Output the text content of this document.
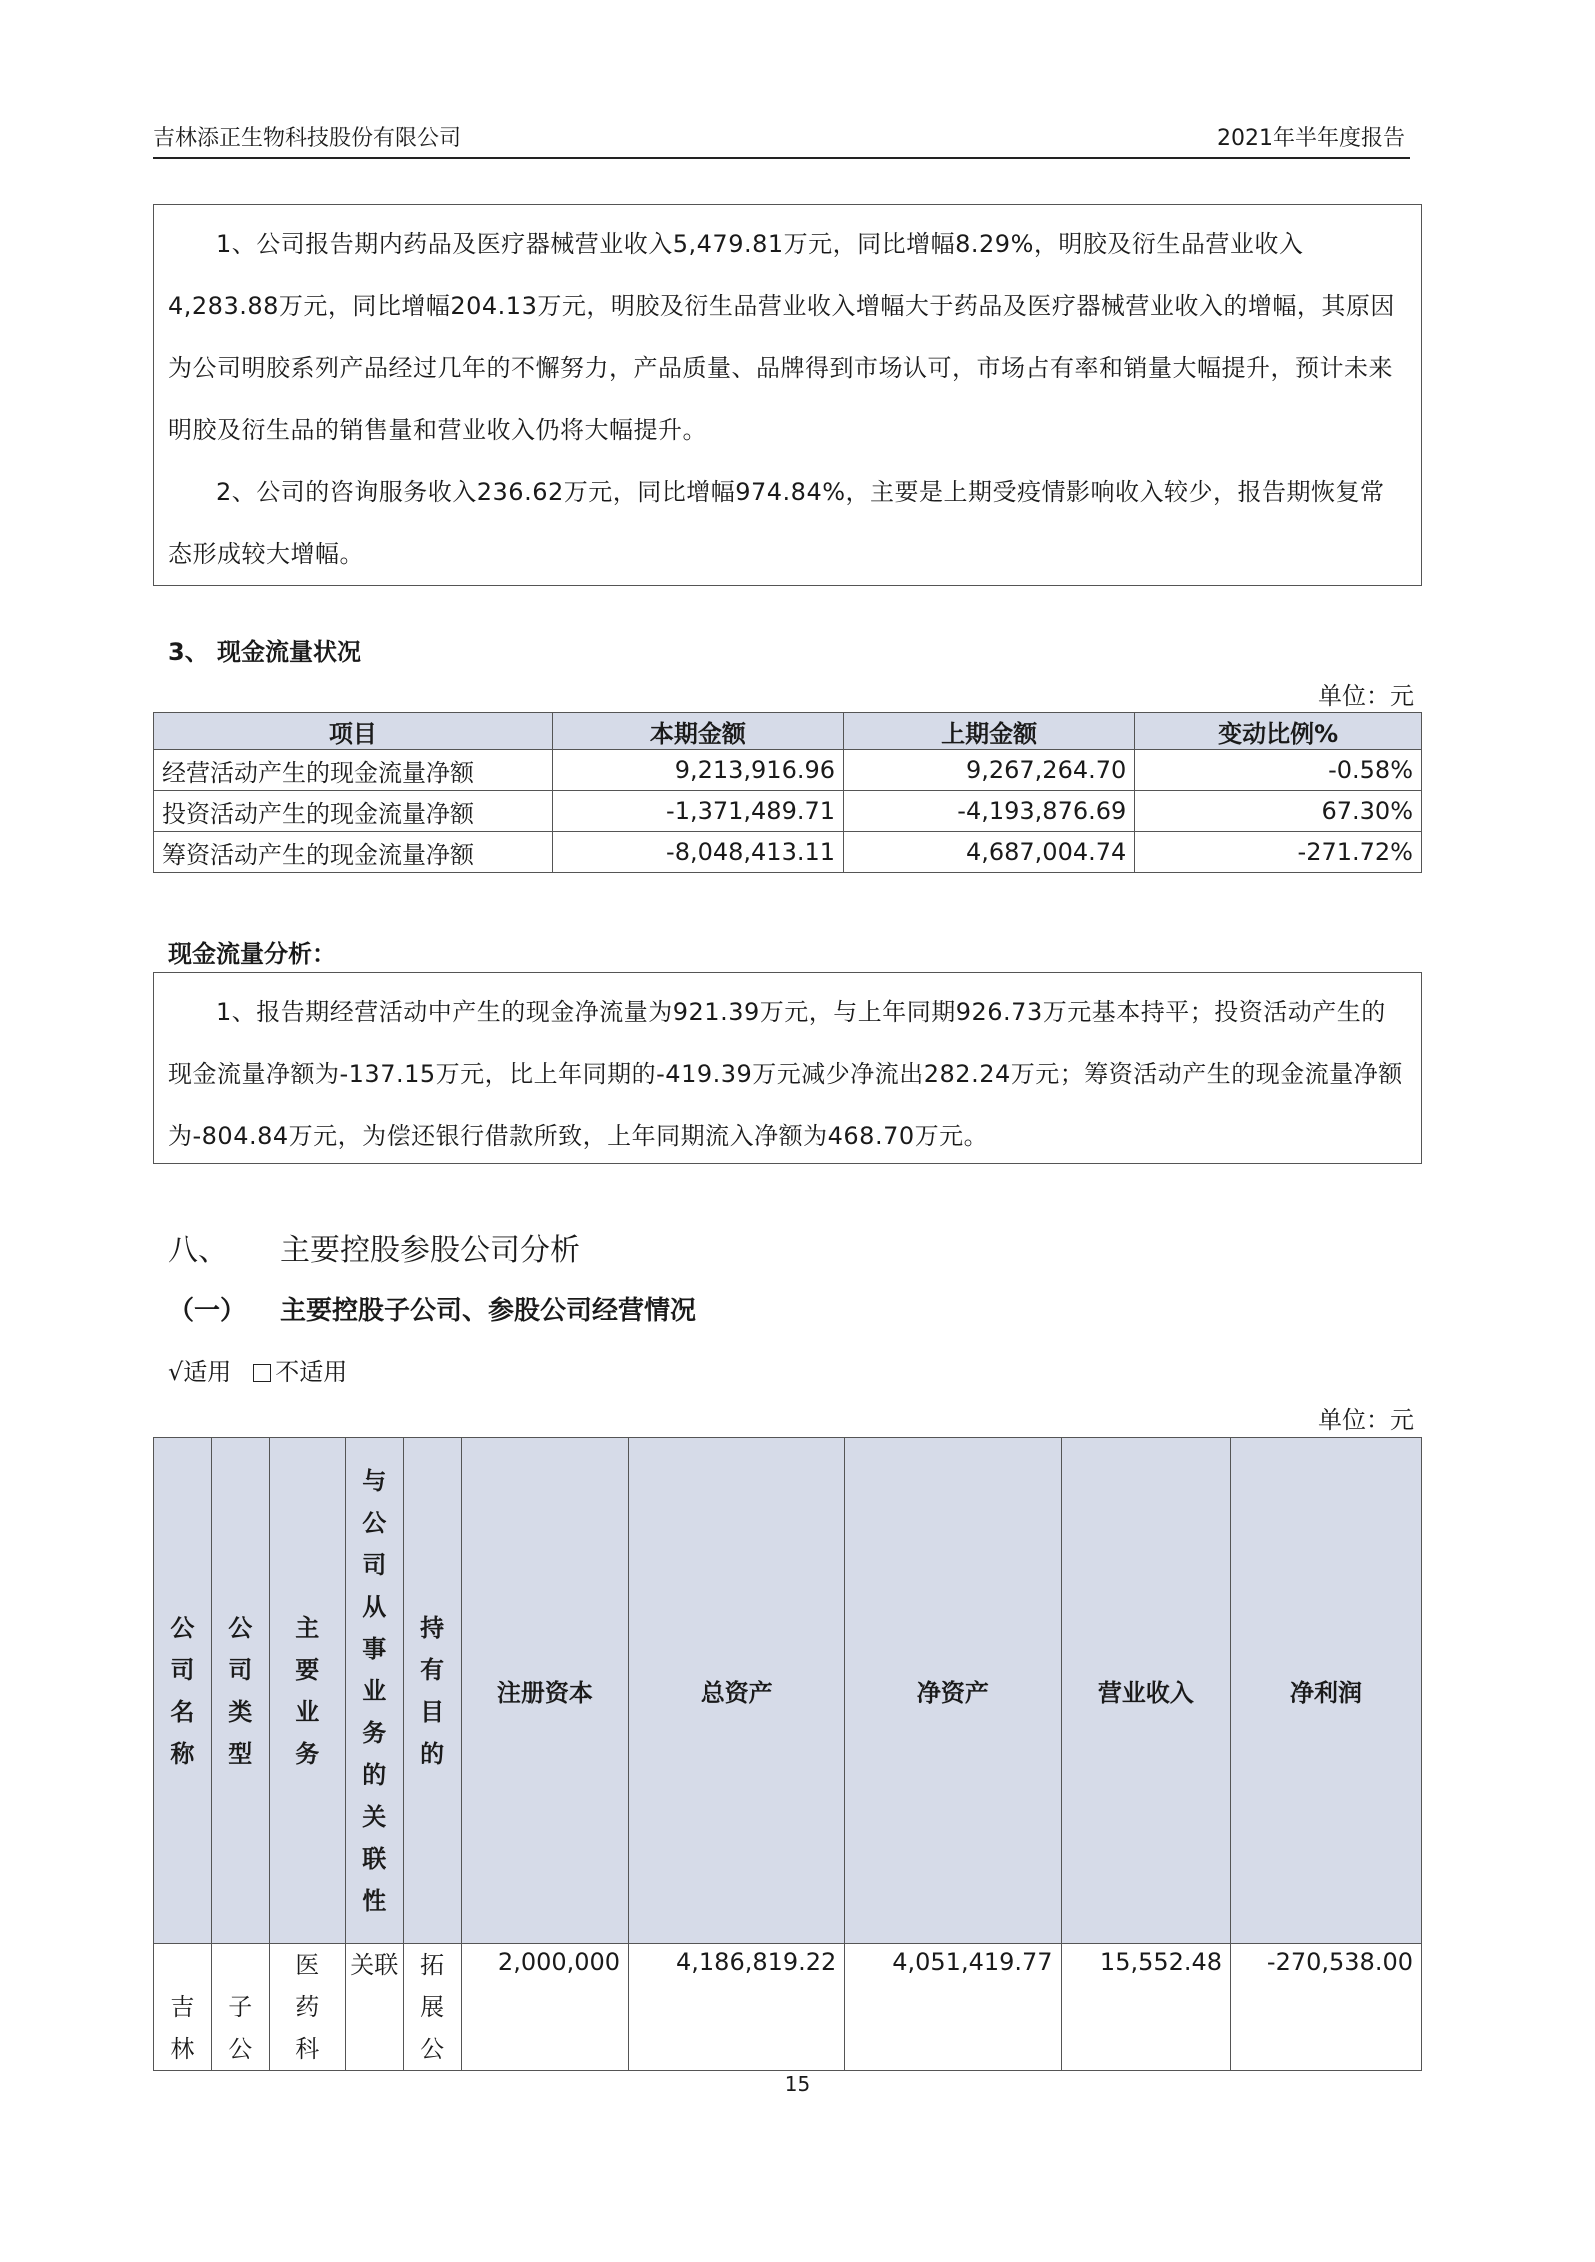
吉林添正生物科技股份有限公司	2021年半年度报告

1、公司报告期内药品及医疗器械营业收入5,479.81万元，同比增幅8.29%，明胶及衍生品营业收入4,283.88万元，同比增幅204.13万元，明胶及衍生品营业收入增幅大于药品及医疗器械营业收入的增幅，其原因为公司明胶系列产品经过几年的不懈努力，产品质量、品牌得到市场认可，市场占有率和销量大幅提升，预计未来明胶及衍生品的销售量和营业收入仍将大幅提升。

2、公司的咨询服务收入236.62万元，同比增幅974.84%，主要是上期受疫情影响收入较少，报告期恢复常态形成较大增幅。

3、 现金流量状况
单位：元
项目	本期金额	上期金额	变动比例%
经营活动产生的现金流量净额	9,213,916.96	9,267,264.70	-0.58%
投资活动产生的现金流量净额	-1,371,489.71	-4,193,876.69	67.30%
筹资活动产生的现金流量净额	-8,048,413.11	4,687,004.74	-271.72%
现金流量分析：

1、报告期经营活动中产生的现金净流量为921.39万元，与上年同期926.73万元基本持平；投资活动产生的现金流量净额为-137.15万元，比上年同期的-419.39万元减少净流出282.24万元；筹资活动产生的现金流量净额为-804.84万元，为偿还银行借款所致，上年同期流入净额为468.70万元。

八、 主要控股参股公司分析
（一） 主要控股子公司、参股公司经营情况
√适用 不适用
单位：元
公司名称	公司类型	主要业务	与公司从事业务的关联性	持有目的	注册资本	总资产	净资产	营业收入	净利润
吉林	子公	医药科	关联	拓展公	2,000,000	4,186,819.22	4,051,419.77	15,552.48	-270,538.00
15
